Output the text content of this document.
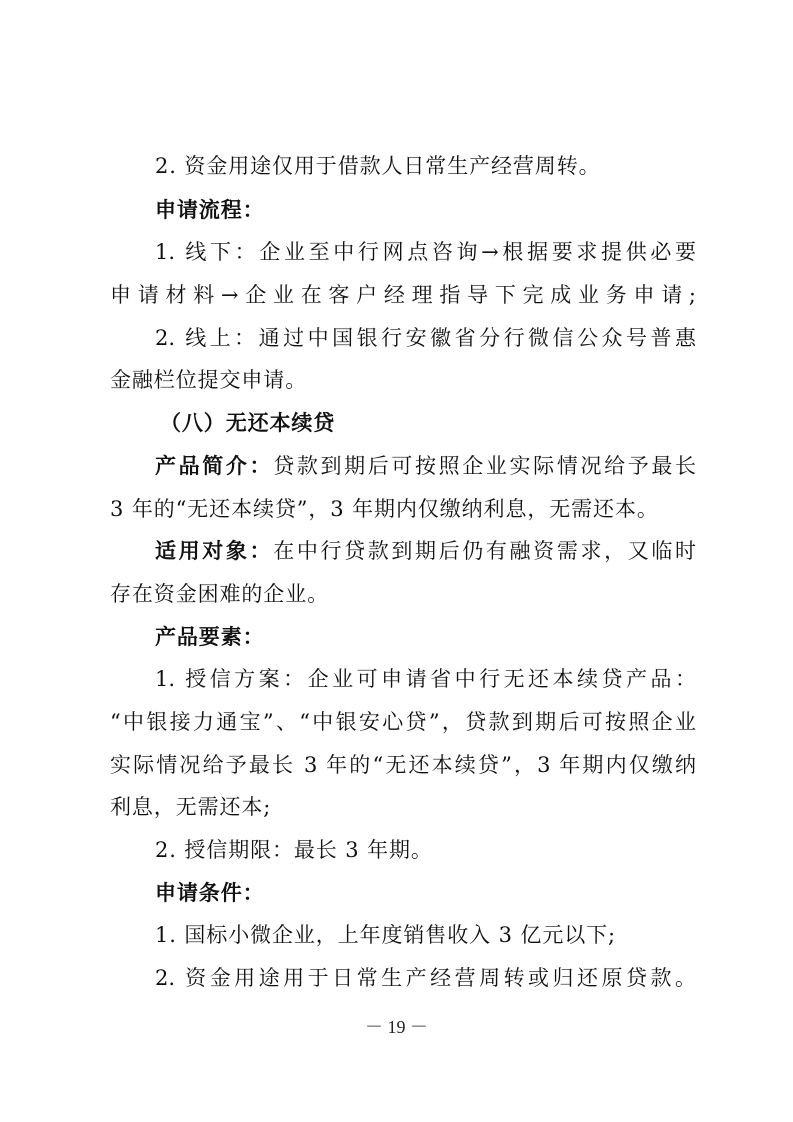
2. 资金用途仅用于借款人日常生产经营周转。
申请流程：
1. 线下：企业至中行网点咨询→根据要求提供必要
申请材料→企业在客户经理指导下完成业务申请;
2. 线上：通过中国银行安徽省分行微信公众号普惠
金融栏位提交申请。
（八）无还本续贷
产品简介：贷款到期后可按照企业实际情况给予最长
3 年的“无还本续贷”，3 年期内仅缴纳利息，无需还本。
适用对象：在中行贷款到期后仍有融资需求，又临时
存在资金困难的企业。
产品要素：
1. 授信方案：企业可申请省中行无还本续贷产品：
“中银接力通宝”、“中银安心贷”，贷款到期后可按照企业
实际情况给予最长 3 年的“无还本续贷”，3 年期内仅缴纳
利息，无需还本;
2. 授信期限：最长 3 年期。
申请条件：
1. 国标小微企业，上年度销售收入 3 亿元以下;
2. 资金用途用于日常生产经营周转或归还原贷款。
－ 19 －
